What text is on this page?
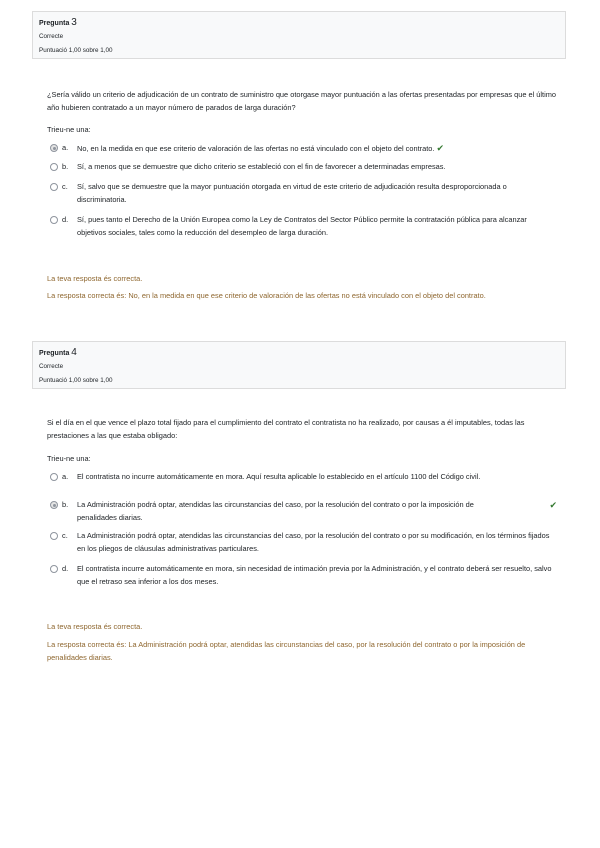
Pregunta 3
Correcte
Puntuació 1,00 sobre 1,00
¿Sería válido un criterio de adjudicación de un contrato de suministro que otorgase mayor puntuación a las ofertas presentadas por empresas que el último año hubieren contratado a un mayor número de parados de larga duración?
Trieu-ne una:
a.	No, en la medida en que ese criterio de valoración de las ofertas no está vinculado con el objeto del contrato. ✔
b.	Sí, a menos que se demuestre que dicho criterio se estableció con el fin de favorecer a determinadas empresas.
c.	Sí, salvo que se demuestre que la mayor puntuación otorgada en virtud de este criterio de adjudicación resulta desproporcionada o discriminatoria.
d.	Sí, pues tanto el Derecho de la Unión Europea como la Ley de Contratos del Sector Público permite la contratación pública para alcanzar objetivos sociales, tales como la reducción del desempleo de larga duración.
La teva resposta és correcta.
La resposta correcta és: No, en la medida en que ese criterio de valoración de las ofertas no está vinculado con el objeto del contrato.
Pregunta 4
Correcte
Puntuació 1,00 sobre 1,00
Si el día en el que vence el plazo total fijado para el cumplimiento del contrato el contratista no ha realizado, por causas a él imputables, todas las prestaciones a las que estaba obligado:
Trieu-ne una:
a.	El contratista no incurre automáticamente en mora. Aquí resulta aplicable lo establecido en el artículo 1100 del Código civil.
b.	La Administración podrá optar, atendidas las circunstancias del caso, por la resolución del contrato o por la imposición de penalidades diarias.
✔
c.	La Administración podrá optar, atendidas las circunstancias del caso, por la resolución del contrato o por su modificación, en los términos fijados en los pliegos de cláusulas administrativas particulares.
d.	El contratista incurre automáticamente en mora, sin necesidad de intimación previa por la Administración, y el contrato deberá ser resuelto, salvo que el retraso sea inferior a los dos meses.
La teva resposta és correcta.
La resposta correcta és: La Administración podrá optar, atendidas las circunstancias del caso, por la resolución del contrato o por la imposición de penalidades diarias.
